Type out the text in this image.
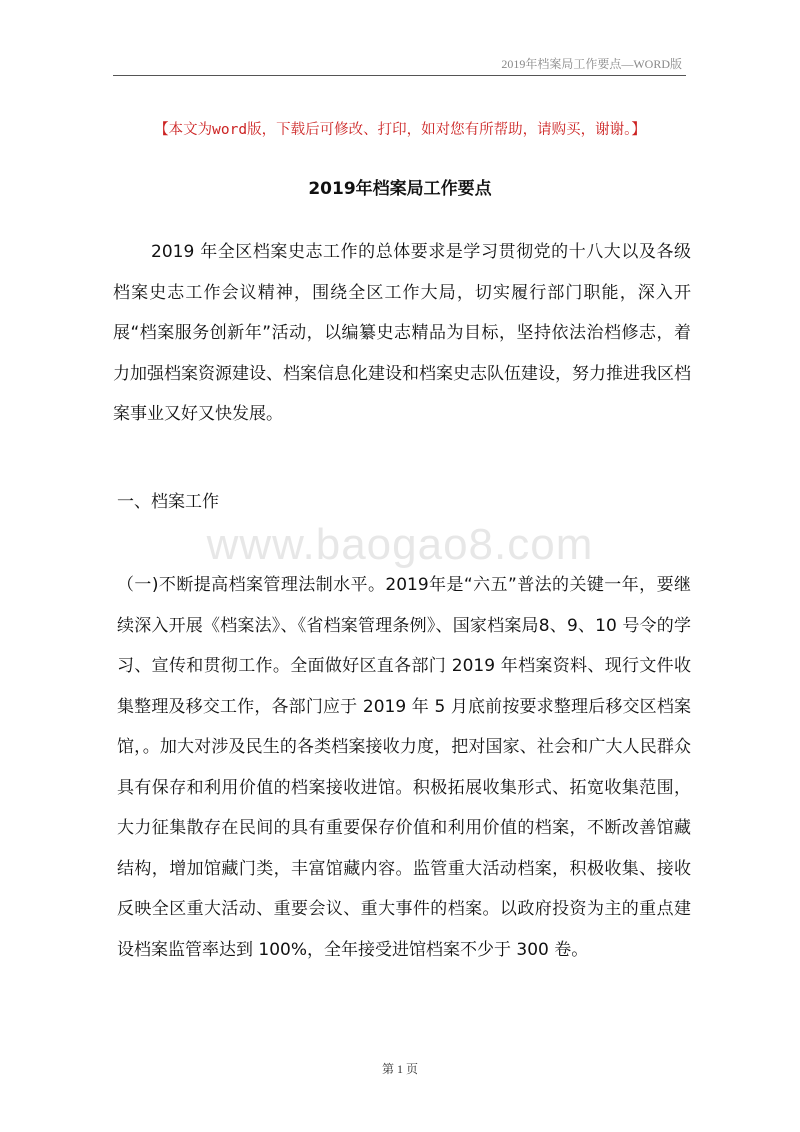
2019年档案局工作要点—WORD版
【本文为word版，下载后可修改、打印，如对您有所帮助，请购买，谢谢。】
2019年档案局工作要点
2019 年全区档案史志工作的总体要求是学习贯彻党的十八大以及各级档案史志工作会议精神，围绕全区工作大局，切实履行部门职能，深入开展“档案服务创新年”活动，以编纂史志精品为目标，坚持依法治档修志，着力加强档案资源建设、档案信息化建设和档案史志队伍建设，努力推进我区档案事业又好又快发展。
一、档案工作
www.baogao8.com
（一)不断提高档案管理法制水平。2019年是“六五”普法的关键一年，要继续深入开展《档案法》、《省档案管理条例》、国家档案局8、9、10 号令的学习、宣传和贯彻工作。全面做好区直各部门 2019 年档案资料、现行文件收集整理及移交工作，各部门应于 2019 年 5 月底前按要求整理后移交区档案馆，。加大对涉及民生的各类档案接收力度，把对国家、社会和广大人民群众具有保存和利用价值的档案接收进馆。积极拓展收集形式、拓宽收集范围，大力征集散存在民间的具有重要保存价值和利用价值的档案，不断改善馆藏结构，增加馆藏门类，丰富馆藏内容。监管重大活动档案，积极收集、接收反映全区重大活动、重要会议、重大事件的档案。以政府投资为主的重点建设档案监管率达到 100%，全年接受进馆档案不少于 300 卷。
第 1 页
